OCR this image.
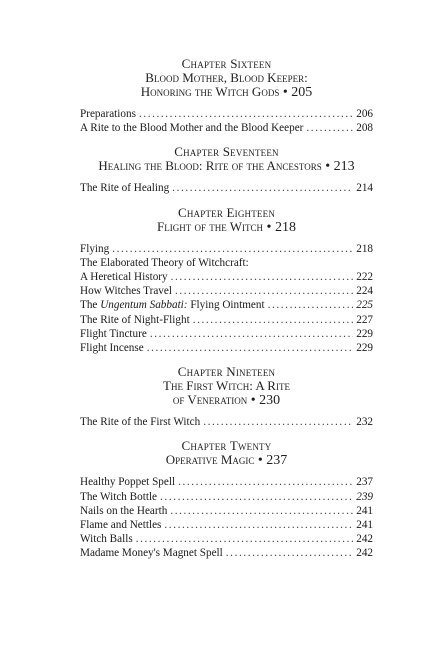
Chapter Sixteen
Blood Mother, Blood Keeper:
Honoring the Witch Gods • 205
Preparations . . .	206
A Rite to the Blood Mother and the Blood Keeper . . .	208
Chapter Seventeen
Healing the Blood: Rite of the Ancestors • 213
The Rite of Healing . . .	214
Chapter Eighteen
Flight of the Witch • 218
Flying . . .	218
The Elaborated Theory of Witchcraft:
A Heretical History . . .	222
How Witches Travel . . .	224
The Ungentum Sabbati: Flying Ointment . . .	225
The Rite of Night-Flight . . .	227
Flight Tincture . . .	229
Flight Incense . . .	229
Chapter Nineteen
The First Witch: A Rite
of Veneration • 230
The Rite of the First Witch . . .	232
Chapter Twenty
Operative Magic • 237
Healthy Poppet Spell . . .	237
The Witch Bottle . . .	239
Nails on the Hearth . . .	241
Flame and Nettles . . .	241
Witch Balls . . .	242
Madame Money's Magnet Spell . . .	242
